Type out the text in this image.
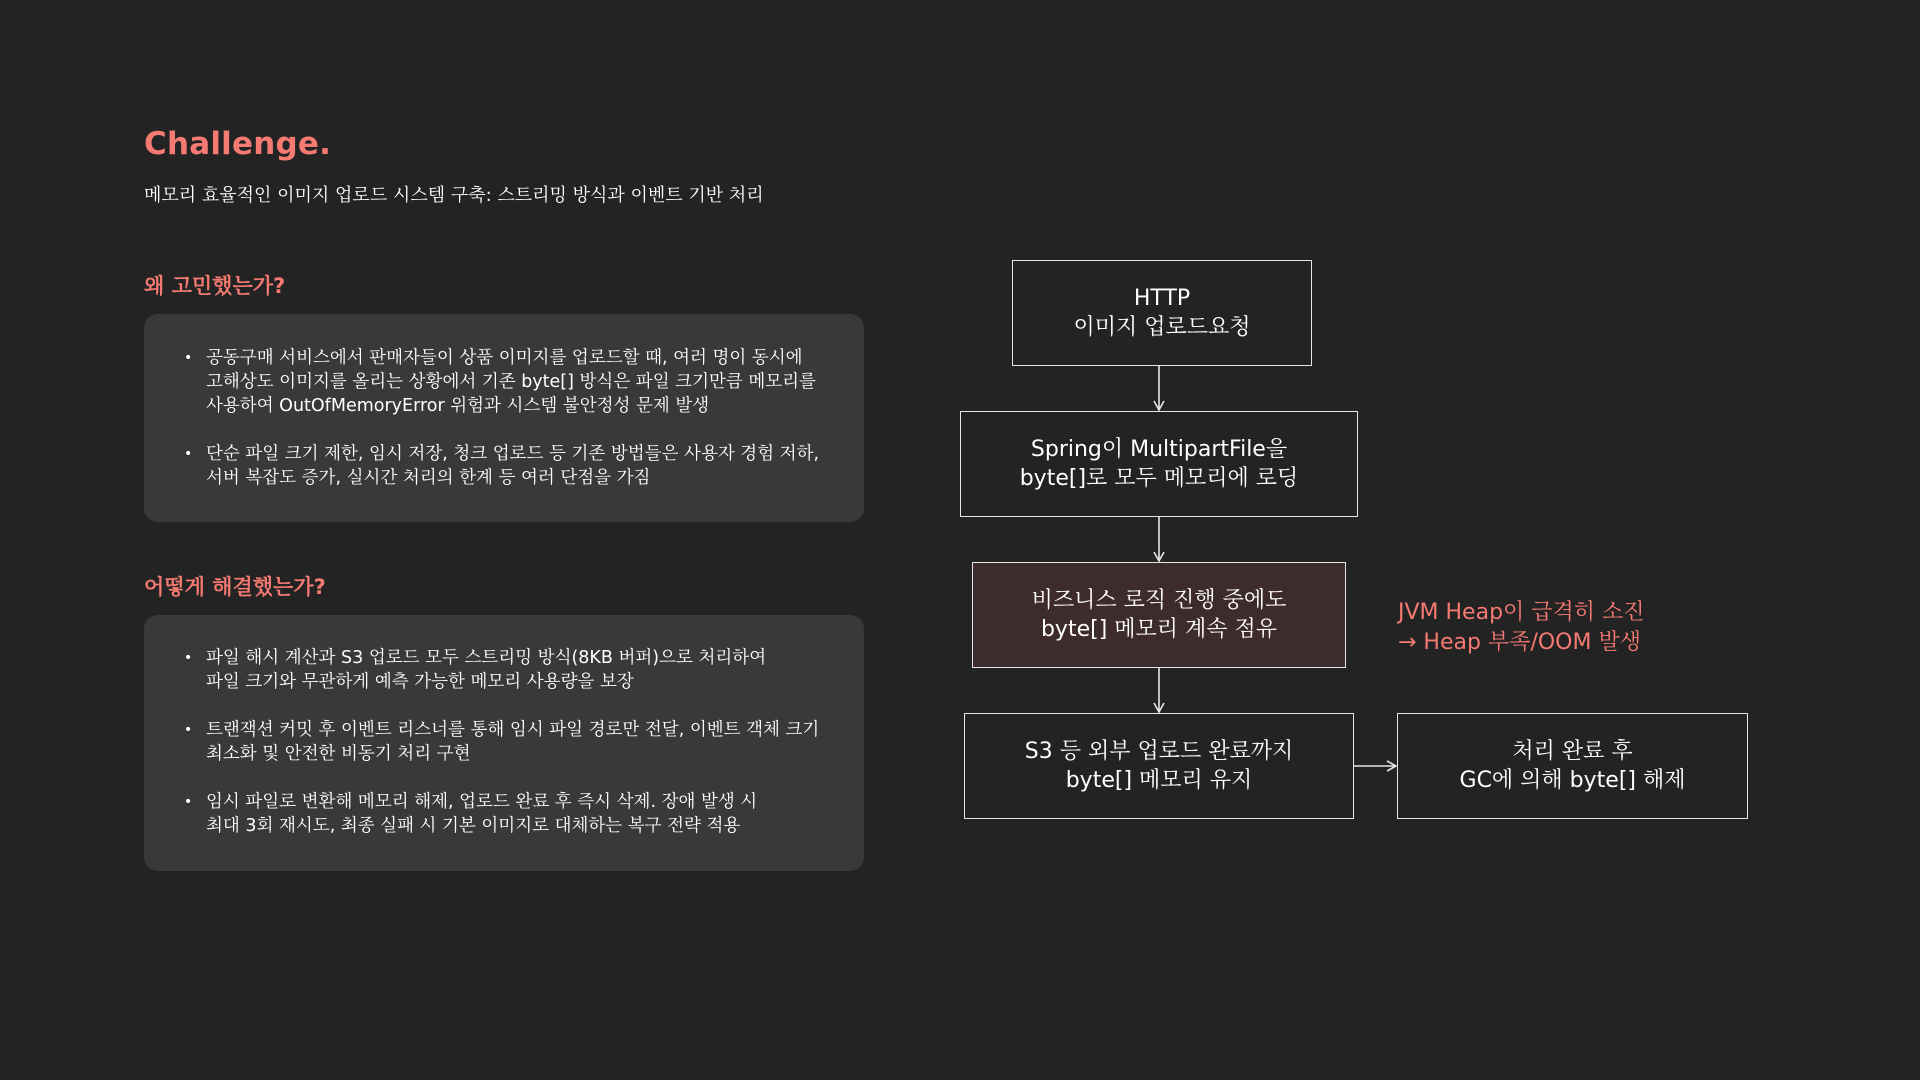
Challenge.

메모리 효율적인 이미지 업로드 시스템 구축: 스트리밍 방식과 이벤트 기반 처리

왜 고민했는가?
• 공동구매 서비스에서 판매자들이 상품 이미지를 업로드할 때, 여러 명이 동시에
고해상도 이미지를 올리는 상황에서 기존 byte[] 방식은 파일 크기만큼 메모리를
사용하여 OutOfMemoryError 위험과 시스템 불안정성 문제 발생
• 단순 파일 크기 제한, 임시 저장, 청크 업로드 등 기존 방법들은 사용자 경험 저하,
서버 복잡도 증가, 실시간 처리의 한계 등 여러 단점을 가짐
어떻게 해결했는가?
• 파일 해시 계산과 S3 업로드 모두 스트리밍 방식(8KB 버퍼)으로 처리하여
파일 크기와 무관하게 예측 가능한 메모리 사용량을 보장
• 트랜잭션 커밋 후 이벤트 리스너를 통해 임시 파일 경로만 전달, 이벤트 객체 크기
최소화 및 안전한 비동기 처리 구현
• 임시 파일로 변환해 메모리 해제, 업로드 완료 후 즉시 삭제. 장애 발생 시
최대 3회 재시도, 최종 실패 시 기본 이미지로 대체하는 복구 전략 적용
HTTP
이미지 업로드요청
Spring이 MultipartFile을
byte[]로 모두 메모리에 로딩
비즈니스 로직 진행 중에도
byte[] 메모리 계속 점유
S3 등 외부 업로드 완료까지
byte[] 메모리 유지
처리 완료 후
GC에 의해 byte[] 해제
JVM Heap이 급격히 소진
→ Heap 부족/OOM 발생
